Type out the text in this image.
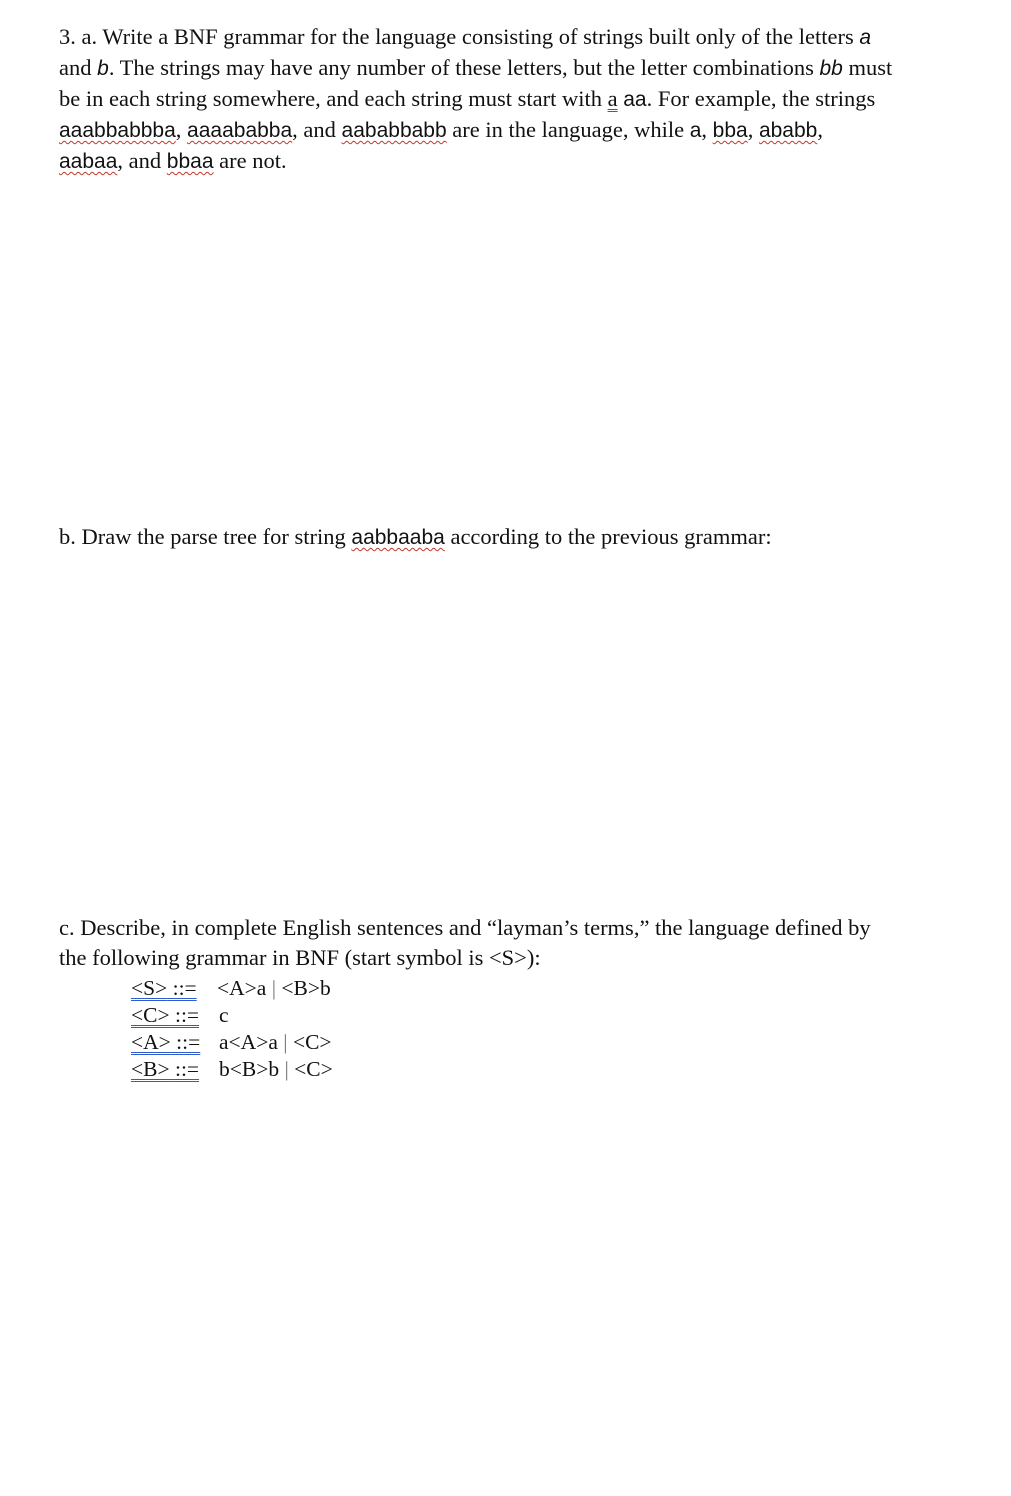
3. a. Write a BNF grammar for the language consisting of strings built only of the letters a
and b. The strings may have any number of these letters, but the letter combinations bb must
be in each string somewhere, and each string must start with a aa. For example, the strings
aaabbabbba, aaaababba, and aababbabb are in the language, while a, bba, ababb,
aabaa, and bbaa are not.
b. Draw the parse tree for string aabbaaba according to the previous grammar:
c. Describe, in complete English sentences and “layman’s terms,” the language defined by
the following grammar in BNF (start symbol is <S>):
<S> ::= <A>a | <B>b
<C> ::= c
<A> ::= a<A>a | <C>
<B> ::= b<B>b | <C>
